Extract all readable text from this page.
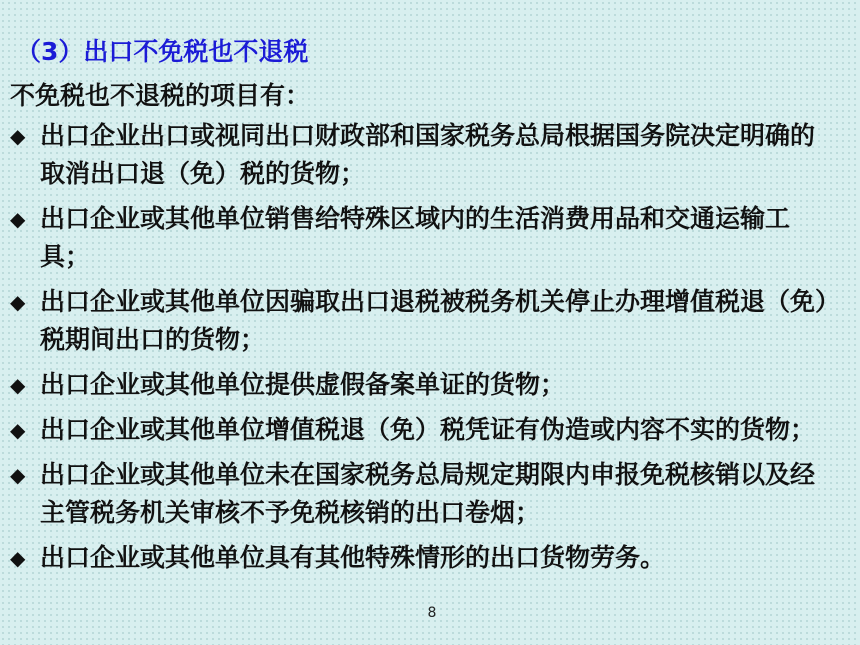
（3）出口不免税也不退税
不免税也不退税的项目有：
◆ 出口企业出口或视同出口财政部和国家税务总局根据国务院决定明确的取消出口退（免）税的货物；
◆ 出口企业或其他单位销售给特殊区域内的生活消费用品和交通运输工具；
◆ 出口企业或其他单位因骗取出口退税被税务机关停止办理增值税退（免）税期间出口的货物；
◆ 出口企业或其他单位提供虚假备案单证的货物；
◆ 出口企业或其他单位增值税退（免）税凭证有伪造或内容不实的货物；
◆ 出口企业或其他单位未在国家税务总局规定期限内申报免税核销以及经主管税务机关审核不予免税核销的出口卷烟；
◆ 出口企业或其他单位具有其他特殊情形的出口货物劳务。
8
